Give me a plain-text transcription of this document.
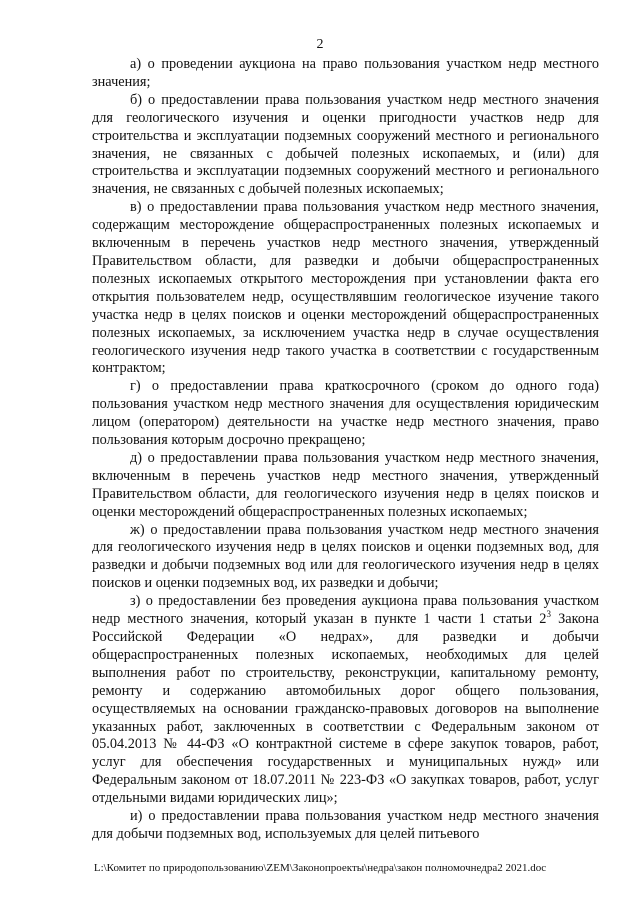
2

а) о проведении аукциона на право пользования участком недр местного значения;

б) о предоставлении права пользования участком недр местного значения для геологического изучения и оценки пригодности участков недр для строительства и эксплуатации подземных сооружений местного и регионального значения, не связанных с добычей полезных ископаемых, и (или) для строительства и эксплуатации подземных сооружений местного и регионального значения, не связанных с добычей полезных ископаемых;

в) о предоставлении права пользования участком недр местного значения, содержащим месторождение общераспространенных полезных ископаемых и включенным в перечень участков недр местного значения, утвержденный Правительством области, для разведки и добычи общераспространенных полезных ископаемых открытого месторождения при установлении факта его открытия пользователем недр, осуществлявшим геологическое изучение такого участка недр в целях поисков и оценки месторождений общераспространенных полезных ископаемых, за исключением участка недр в случае осуществления геологического изучения недр такого участка в соответствии с государственным контрактом;

г) о предоставлении права краткосрочного (сроком до одного года) пользования участком недр местного значения для осуществления юридическим лицом (оператором) деятельности на участке недр местного значения, право пользования которым досрочно прекращено;

д) о предоставлении права пользования участком недр местного значения, включенным в перечень участков недр местного значения, утвержденный Правительством области, для геологического изучения недр в целях поисков и оценки месторождений общераспространенных полезных ископаемых;

ж) о предоставлении права пользования участком недр местного значения для геологического изучения недр в целях поисков и оценки подземных вод, для разведки и добычи подземных вод или для геологического изучения недр в целях поисков и оценки подземных вод, их разведки и добычи;

з) о предоставлении без проведения аукциона права пользования участком недр местного значения, который указан в пункте 1 части 1 статьи $2^3$ Закона Российской Федерации «О недрах», для разведки и добычи общераспространенных полезных ископаемых, необходимых для целей выполнения работ по строительству, реконструкции, капитальному ремонту, ремонту и содержанию автомобильных дорог общего пользования, осуществляемых на основании гражданско-правовых договоров на выполнение указанных работ, заключенных в соответствии с Федеральным законом от 05.04.2013 № 44-ФЗ «О контрактной системе в сфере закупок товаров, работ, услуг для обеспечения государственных и муниципальных нужд» или Федеральным законом от 18.07.2011 № 223-ФЗ «О закупках товаров, работ, услуг отдельными видами юридических лиц»;

и) о предоставлении права пользования участком недр местного значения для добычи подземных вод, используемых для целей питьевого

L:\Комитет по природопользованию\ZEM\Законопроекты\недра\закон полномочнедра2 2021.doc
